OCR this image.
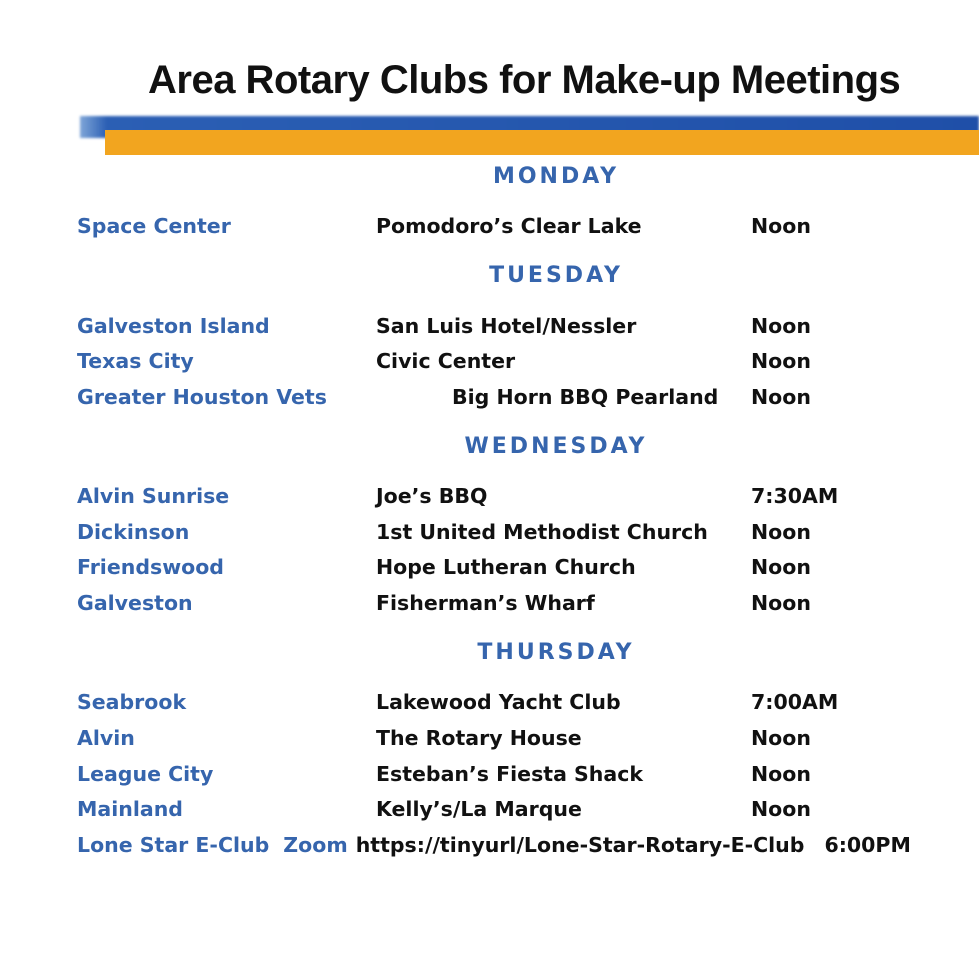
Area Rotary Clubs for Make-up Meetings
MONDAY
Space Center	Pomodoro’s Clear Lake	Noon
TUESDAY
Galveston Island	San Luis Hotel/Nessler	Noon
Texas City	Civic Center	Noon
Greater Houston Vets	Big Horn BBQ Pearland Noon
WEDNESDAY
Alvin Sunrise	Joe’s BBQ	7:30AM
Dickinson	1st United Methodist Church Noon
Friendswood	Hope Lutheran Church	Noon
Galveston	Fisherman’s Wharf	Noon
THURSDAY
Seabrook	Lakewood Yacht Club	7:00AM
Alvin	The Rotary House	Noon
League City	Esteban’s Fiesta Shack	Noon
Mainland	Kelly’s/La Marque	Noon
Lone Star E-Club Zoom https://tinyurl/Lone-Star-Rotary-E-Club 6:00PM
